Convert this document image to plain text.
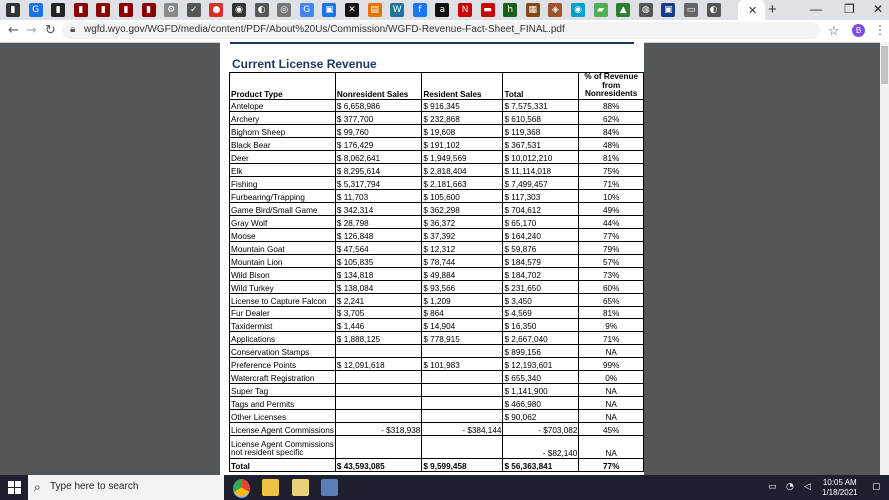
▮	G	▮	▮	▮	▮	▮	⚙	✓	●	◉	◐	◎	G	▣	✕	▤	W	f	a	N	▬	h	▦	◈	◉	▰	▲	◍	▣	▭	◐	✕ +	— ❐ ✕
← → ↻ 🔒︎ wgfd.wyo.gov/WGFD/media/content/PDF/About%20Us/Commission/WGFD-Revenue-Fact-Sheet_FINAL.pdf	☆	B	⋮
Current License Revenue
Product Type	Nonresident Sales	Resident Sales	Total	% of Revenue from Nonresidents
Antelope	$ 6,658,986	$ 916,345	$ 7,575,331	88%
Archery	$ 377,700	$ 232,868	$ 610,568	62%
Bighorn Sheep	$ 99,760	$ 19,608	$ 119,368	84%
Black Bear	$ 176,429	$ 191,102	$ 367,531	48%
Deer	$ 8,062,641	$ 1,949,569	$ 10,012,210	81%
Elk	$ 8,295,614	$ 2,818,404	$ 11,114,018	75%
Fishing	$ 5,317,794	$ 2,181,663	$ 7,499,457	71%
Furbearing/Trapping	$ 11,703	$ 105,600	$ 117,303	10%
Game Bird/Small Game	$ 342,314	$ 362,298	$ 704,612	49%
Gray Wolf	$ 28,798	$ 36,372	$ 65,170	44%
Moose	$ 126,848	$ 37,392	$ 164,240	77%
Mountain Goat	$ 47,564	$ 12,312	$ 59,876	79%
Mountain Lion	$ 105,835	$ 78,744	$ 184,579	57%
Wild Bison	$ 134,818	$ 49,884	$ 184,702	73%
Wild Turkey	$ 138,084	$ 93,566	$ 231,650	60%
License to Capture Falcon	$ 2,241	$ 1,209	$ 3,450	65%
Fur Dealer	$ 3,705	$ 864	$ 4,569	81%
Taxidermist	$ 1,446	$ 14,904	$ 16,350	9%
Applications	$ 1,888,125	$ 778,915	$ 2,667,040	71%
Conservation Stamps			$ 899,156	NA
Preference Points	$ 12,091,618	$ 101,983	$ 12,193,601	99%
Watercraft Registration			$ 655,340	0%
Super Tag			$ 1,141,900	NA
Tags and Permits			$ 466,980	NA
Other Licenses			$ 90,062	NA
License Agent Commissions	- $318,938	- $384,144	- $703,082	45%
License Agent Commissions
not resident specific			- $82,140	NA
Total	$ 43,593,085	$ 9,599,458	$ 56,363,841	77%
⌕ Type here to search	▭ ◔ ◁ 10:05 AM
1/18/2021
▢
